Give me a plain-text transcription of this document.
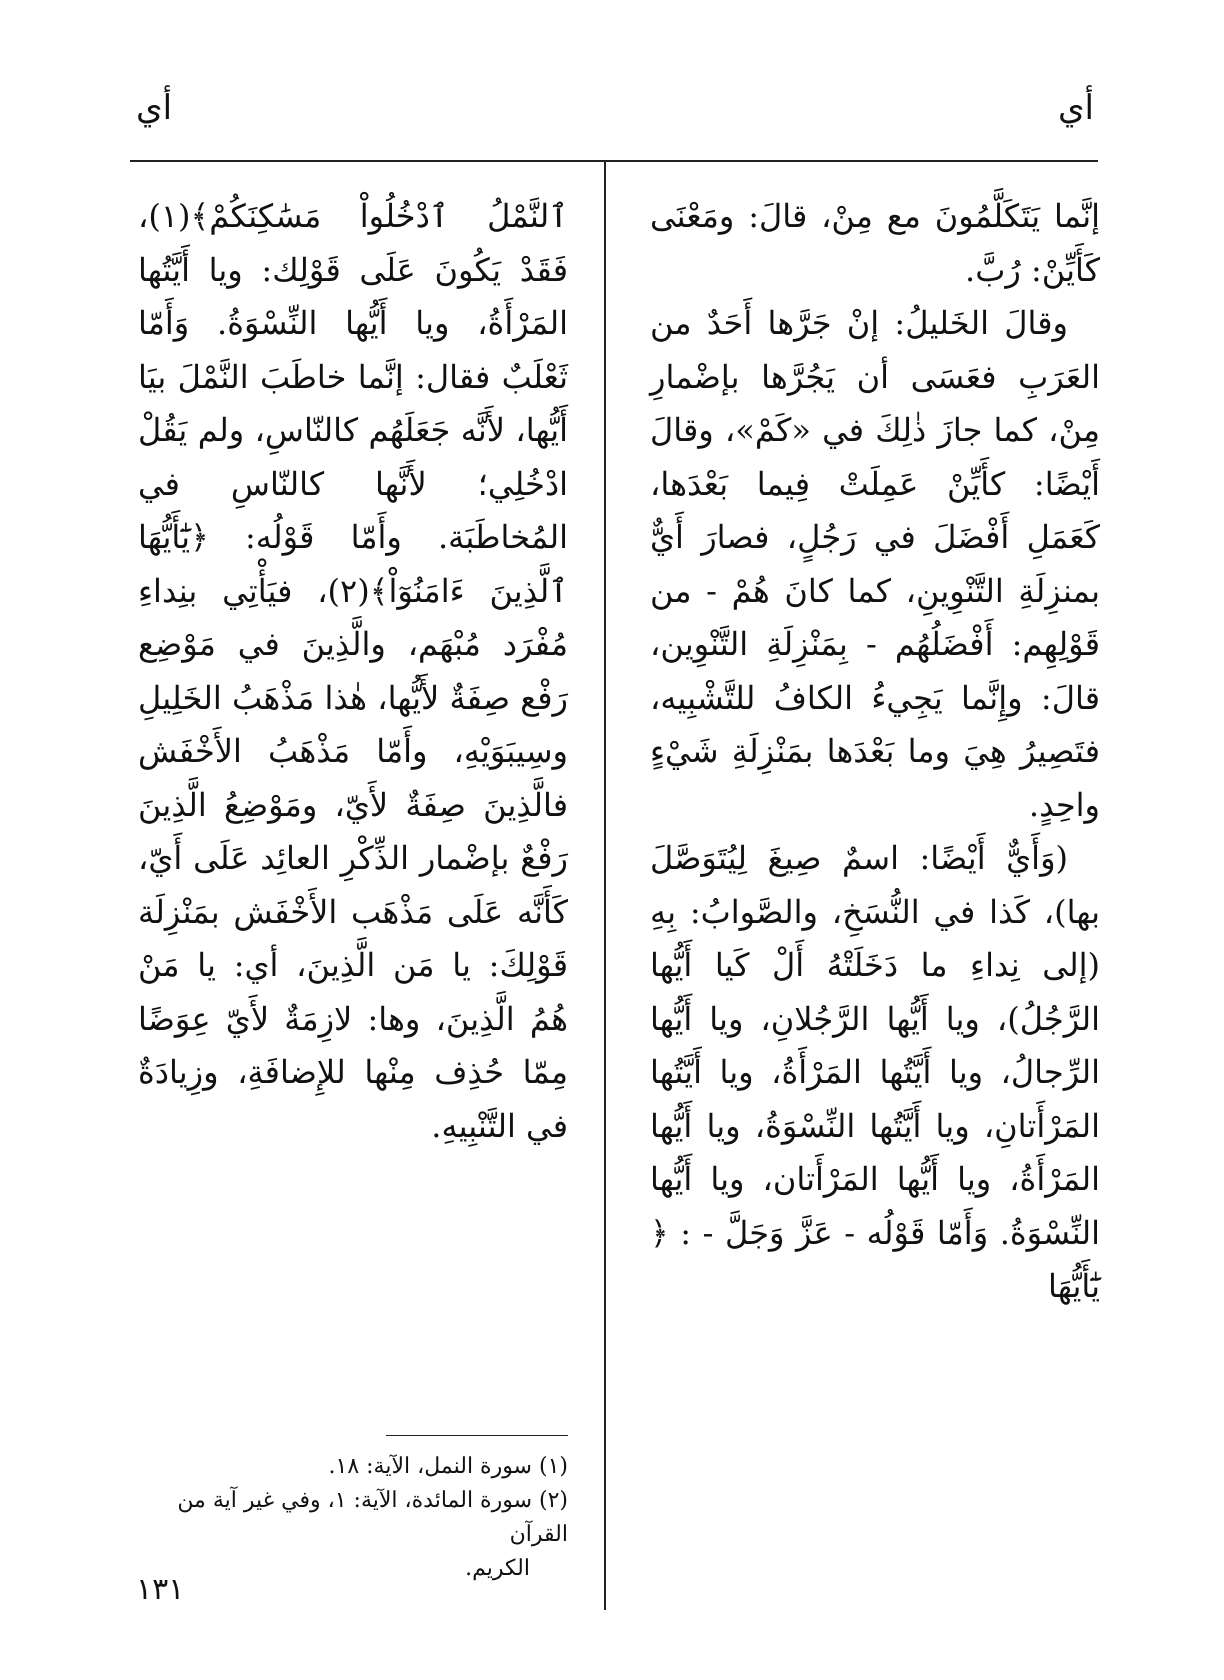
أي
أي

إنَّما يَتَكَلَّمُونَ مع مِنْ، قالَ: ومَعْنَى كَأَيِّنْ: رُبَّ.

وقالَ الخَليلُ: إنْ جَرَّها أَحَدٌ من العَرَبِ فعَسَى أن يَجُرَّها بإضْمارِ مِنْ، كما جازَ ذٰلِكَ في «كَمْ»، وقالَ أَيْضًا: كأَيِّنْ عَمِلَتْ فِيما بَعْدَها، كَعَمَلِ أَفْضَلَ في رَجُلٍ، فصارَ أَيٌّ بمنزِلَةِ التَّنْوِينِ، كما كانَ هُمْ - من قَوْلِهِم: أَفْضَلُهُم - بِمَنْزِلَةِ التَّنْوِين، قالَ: وإِنَّما يَجِيءُ الكافُ للتَّشْبِيه، فتَصِيرُ هِيَ وما بَعْدَها بمَنْزِلَةِ شَيْءٍ واحِدٍ.

(وَأَيٌّ أَيْضًا: اسمٌ صِيغَ لِيُتَوَصَّلَ بها)، كَذا في النُّسَخِ، والصَّوابُ: بِهِ (إلى نِداءِ ما دَخَلَتْهُ أَلْ كَيا أَيُّها الرَّجُلُ)، ويا أَيُّها الرَّجُلانِ، ويا أَيُّها الرِّجالُ، ويا أَيَّتُها المَرْأَةُ، ويا أَيَّتُها المَرْأَتانِ، ويا أَيَّتُها النِّسْوَةُ، ويا أَيُّها المَرْأَةُ، ويا أَيُّها المَرْأَتان، ويا أَيُّها النِّسْوَةُ. وَأَمّا قَوْلُه - عَزَّ وَجَلَّ - : ﴿ يَٰٓأَيُّهَا

ٱلنَّمْلُ ٱدْخُلُواْ مَسَٰكِنَكُمْ﴾(١)، فَقَدْ يَكُونَ عَلَى قَوْلِك: ويا أَيَّتُها المَرْأَةُ، ويا أَيُّها النِّسْوَةُ. وَأَمّا ثَعْلَبٌ فقال: إنَّما خاطَبَ النَّمْلَ بيَا أَيُّها، لأَنَّه جَعَلَهُم كالنّاسِ، ولم يَقُلْ ادْخُلِي؛ لأَنَّها كالنّاسِ في المُخاطَبَة. وأَمّا قَوْلُه: ﴿يَٰٓأَيُّهَا ٱلَّذِينَ ءَامَنُوٓاْ﴾(٢)، فيَأْتِي بنِداءِ مُفْرَد مُبْهَم، والَّذِينَ في مَوْضِع رَفْع صِفَةٌ لأَيُّها، هٰذا مَذْهَبُ الخَلِيلِ وسِيبَوَيْهِ، وأَمّا مَذْهَبُ الأَخْفَش فالَّذِينَ صِفَةٌ لأَيّ، ومَوْضِعُ الَّذِينَ رَفْعٌ بإضْمار الذِّكْرِ العائِد عَلَى أَيّ، كَأَنَّه عَلَى مَذْهَب الأَخْفَش بمَنْزِلَة قَوْلِكَ: يا مَن الَّذِينَ، أي: يا مَنْ هُمُ الَّذِينَ، وها: لازِمَةٌ لأَيّ عِوَضًا مِمّا حُذِف مِنْها للإِضافَةِ، وزِيادَةٌ في التَّنْبِيهِ.

(١) سورة النمل، الآية: ١٨.
(٢) سورة المائدة، الآية: ١، وفي غير آية من القرآن
الكريم.
١٣١
